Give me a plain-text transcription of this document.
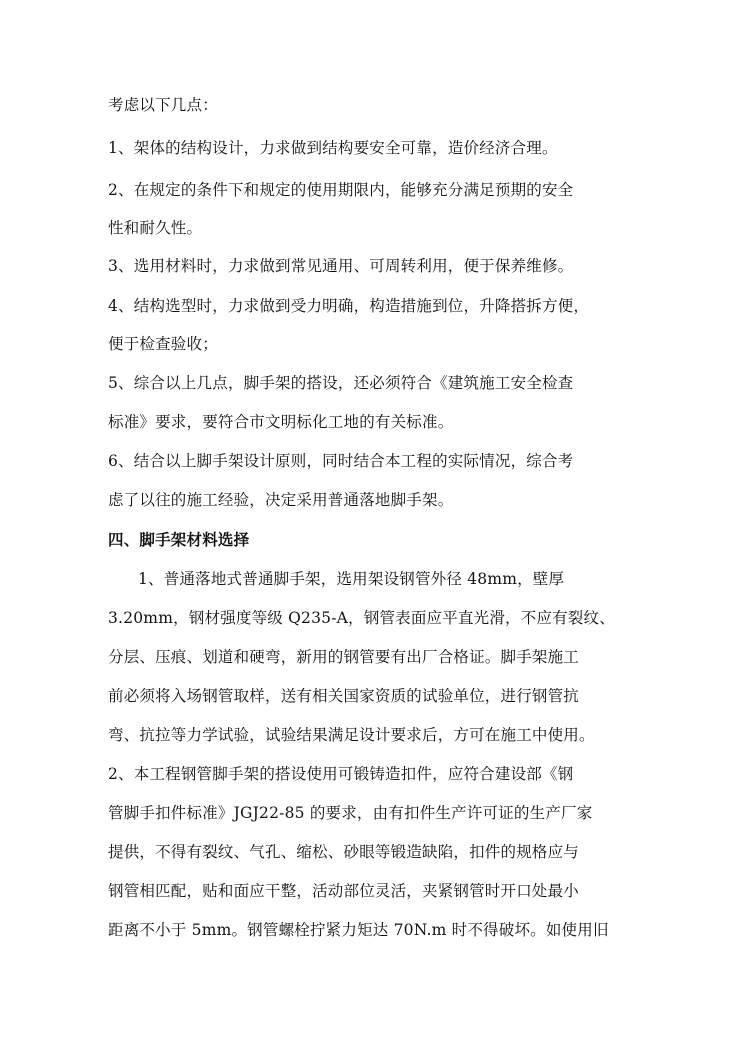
考虑以下几点：
1、架体的结构设计，力求做到结构要安全可靠，造价经济合理。
2、在规定的条件下和规定的使用期限内，能够充分满足预期的安全
性和耐久性。
3、选用材料时，力求做到常见通用、可周转利用，便于保养维修。
4、结构选型时，力求做到受力明确，构造措施到位，升降搭拆方便，
便于检查验收；
5、综合以上几点，脚手架的搭设，还必须符合《建筑施工安全检查
标准》要求，要符合市文明标化工地的有关标准。
6、结合以上脚手架设计原则，同时结合本工程的实际情况，综合考
虑了以往的施工经验，决定采用普通落地脚手架。
四、脚手架材料选择
1、普通落地式普通脚手架，选用架设钢管外径 48mm，壁厚
3.20mm，钢材强度等级 Q235-A，钢管表面应平直光滑，不应有裂纹、
分层、压痕、划道和硬弯，新用的钢管要有出厂合格证。脚手架施工
前必须将入场钢管取样，送有相关国家资质的试验单位，进行钢管抗
弯、抗拉等力学试验，试验结果满足设计要求后，方可在施工中使用。
2、本工程钢管脚手架的搭设使用可锻铸造扣件，应符合建设部《钢
管脚手扣件标准》JGJ22-85 的要求，由有扣件生产许可证的生产厂家
提供，不得有裂纹、气孔、缩松、砂眼等锻造缺陷，扣件的规格应与
钢管相匹配，贴和面应干整，活动部位灵活，夹紧钢管时开口处最小
距离不小于 5mm。钢管螺栓拧紧力矩达 70N.m 时不得破坏。如使用旧
